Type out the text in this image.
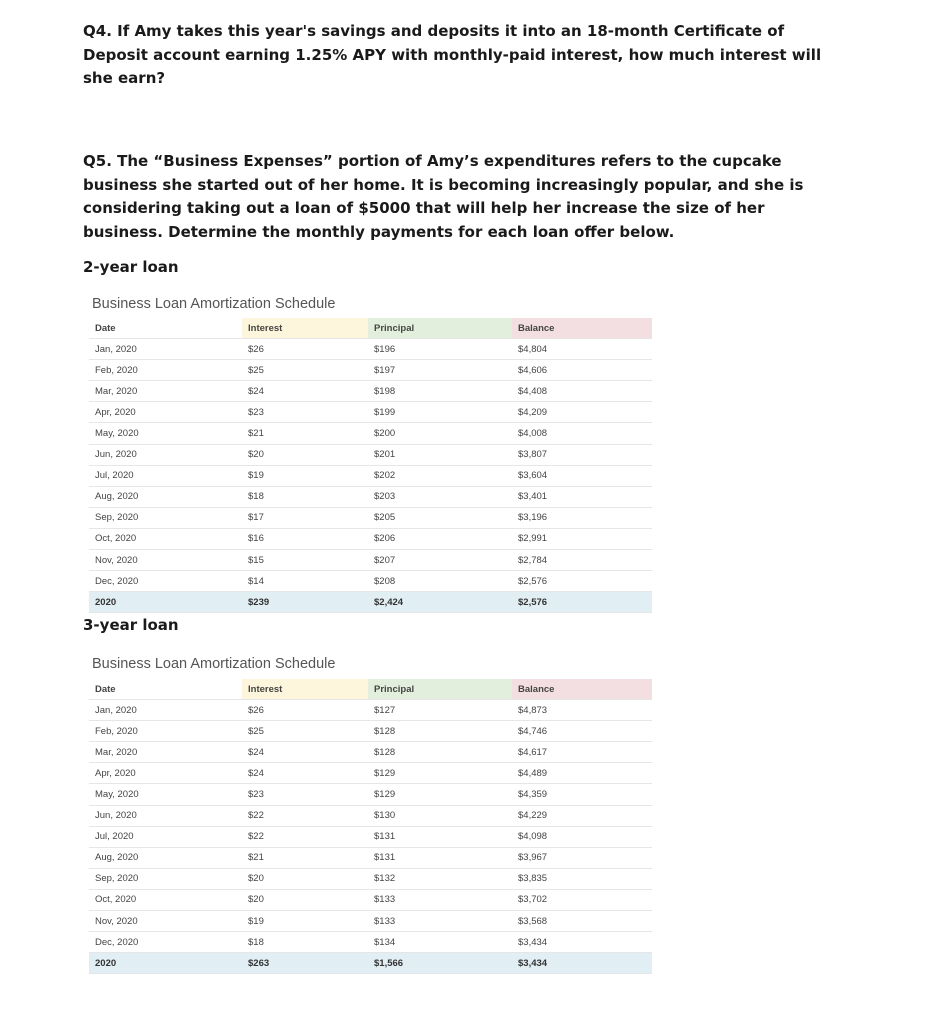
Q4. If Amy takes this year's savings and deposits it into an 18-month Certificate of Deposit account earning 1.25% APY with monthly-paid interest, how much interest will she earn?
Q5. The “Business Expenses” portion of Amy’s expenditures refers to the cupcake business she started out of her home. It is becoming increasingly popular, and she is considering taking out a loan of $5000 that will help her increase the size of her business. Determine the monthly payments for each loan offer below.
2-year loan
Business Loan Amortization Schedule
Date	Interest	Principal	Balance
Jan, 2020	$26	$196	$4,804
Feb, 2020	$25	$197	$4,606
Mar, 2020	$24	$198	$4,408
Apr, 2020	$23	$199	$4,209
May, 2020	$21	$200	$4,008
Jun, 2020	$20	$201	$3,807
Jul, 2020	$19	$202	$3,604
Aug, 2020	$18	$203	$3,401
Sep, 2020	$17	$205	$3,196
Oct, 2020	$16	$206	$2,991
Nov, 2020	$15	$207	$2,784
Dec, 2020	$14	$208	$2,576
2020	$239	$2,424	$2,576
3-year loan
Business Loan Amortization Schedule
Date	Interest	Principal	Balance
Jan, 2020	$26	$127	$4,873
Feb, 2020	$25	$128	$4,746
Mar, 2020	$24	$128	$4,617
Apr, 2020	$24	$129	$4,489
May, 2020	$23	$129	$4,359
Jun, 2020	$22	$130	$4,229
Jul, 2020	$22	$131	$4,098
Aug, 2020	$21	$131	$3,967
Sep, 2020	$20	$132	$3,835
Oct, 2020	$20	$133	$3,702
Nov, 2020	$19	$133	$3,568
Dec, 2020	$18	$134	$3,434
2020	$263	$1,566	$3,434
